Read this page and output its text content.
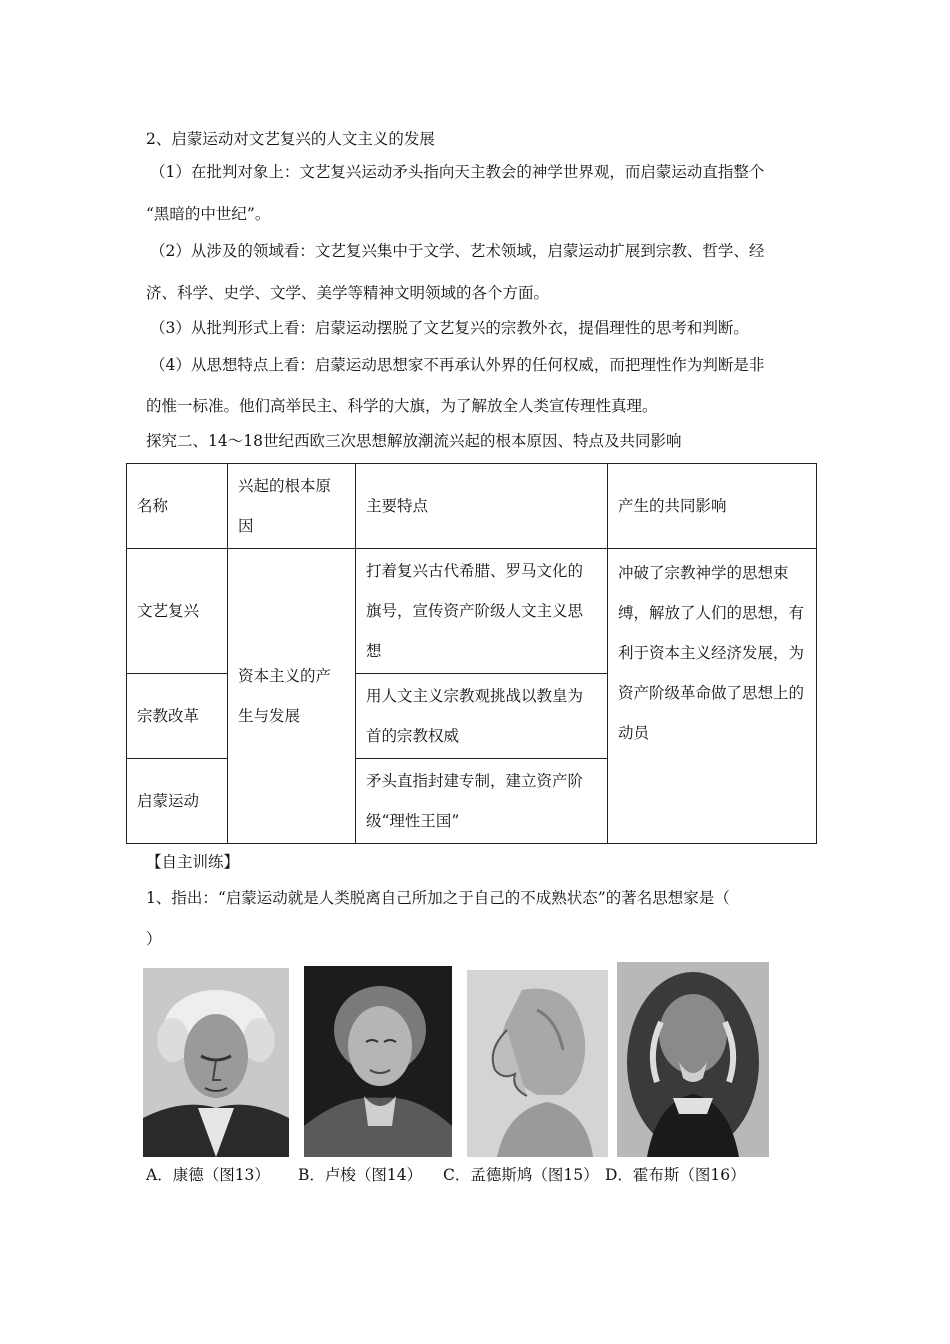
2、启蒙运动对文艺复兴的人文主义的发展
（1）在批判对象上：文艺复兴运动矛头指向天主教会的神学世界观，而启蒙运动直指整个
“黑暗的中世纪”。
（2）从涉及的领域看：文艺复兴集中于文学、艺术领域，启蒙运动扩展到宗教、哲学、经
济、科学、史学、文学、美学等精神文明领域的各个方面。
（3）从批判形式上看：启蒙运动摆脱了文艺复兴的宗教外衣，提倡理性的思考和判断。
（4）从思想特点上看：启蒙运动思想家不再承认外界的任何权威，而把理性作为判断是非
的惟一标准。他们高举民主、科学的大旗，为了解放全人类宣传理性真理。
探究二、14～18世纪西欧三次思想解放潮流兴起的根本原因、特点及共同影响
名称	兴起的根本原因	主要特点	产生的共同影响
文艺复兴	资本主义的产生与发展	打着复兴古代希腊、罗马文化的旗号，宣传资产阶级人文主义思想	冲破了宗教神学的思想束缚，解放了人们的思想，有利于资本主义经济发展，为资产阶级革命做了思想上的动员
宗教改革		用人文主义宗教观挑战以教皇为首的宗教权威	
启蒙运动		矛头直指封建专制，建立资产阶级“理性王国”	
【自主训练】
1、指出：“启蒙运动就是人类脱离自己所加之于自己的不成熟状态”的著名思想家是（
）
A．康德（图13） B．卢梭（图14） C．孟德斯鸠（图15） D．霍布斯（图16）
